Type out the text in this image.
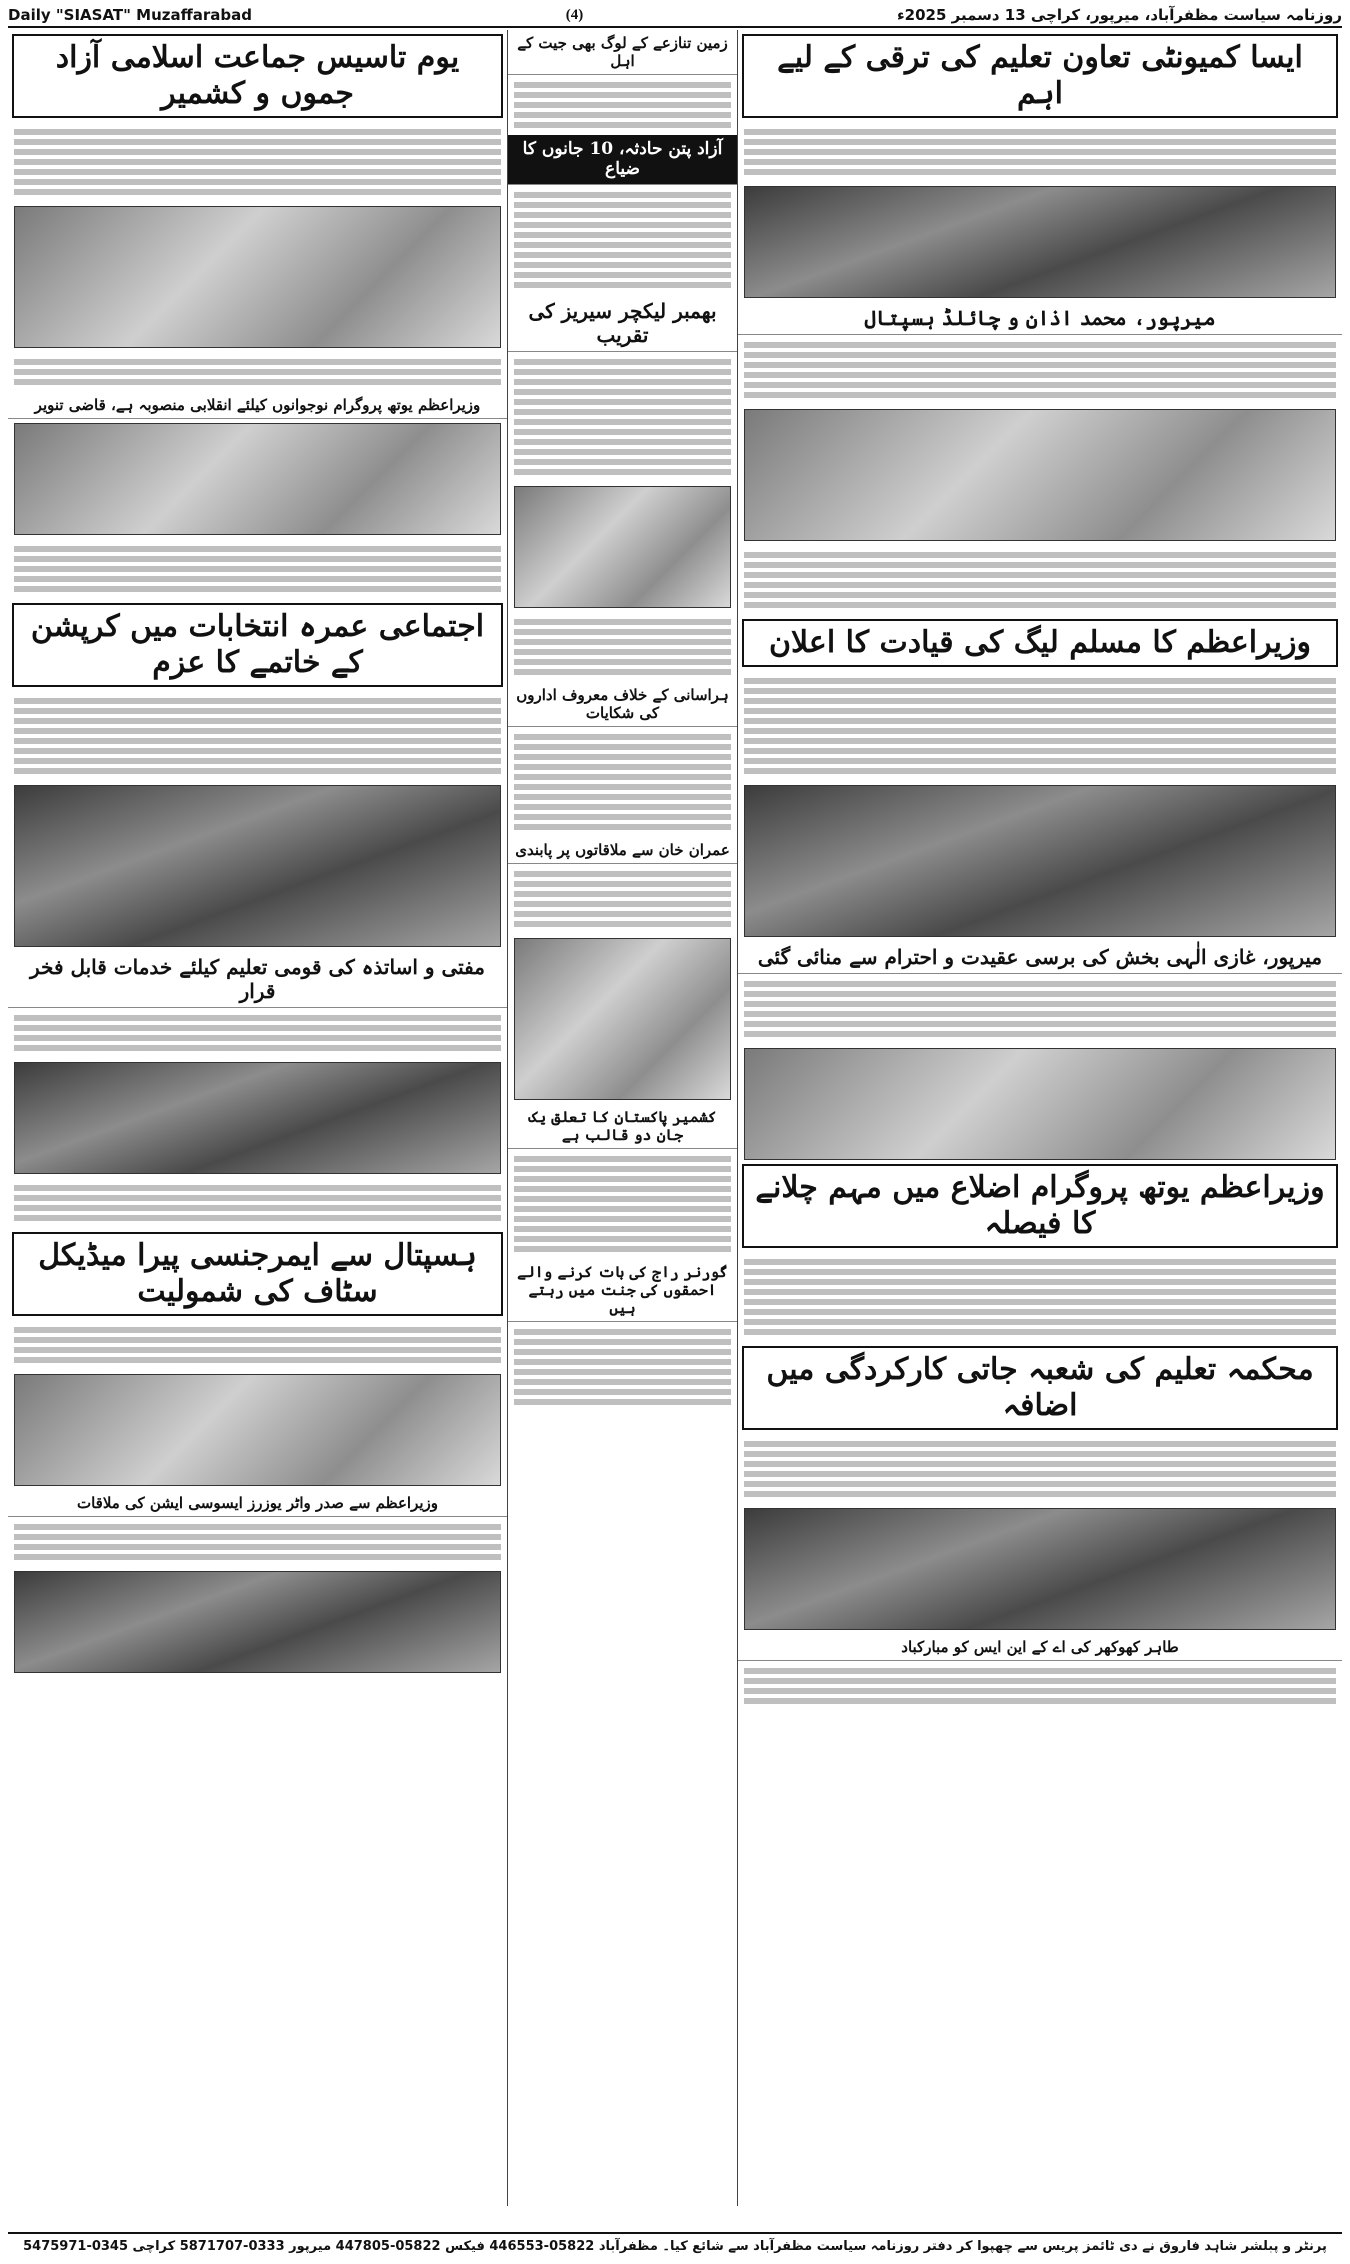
Daily "SIASAT" Muzaffarabad	(4)	روزنامہ سیاست مظفرآباد، میرپور، کراچی 13 دسمبر 2025ء
یوم تاسیس جماعت اسلامی آزاد جموں و کشمیر
وزیراعظم یوتھ پروگرام نوجوانوں کیلئے انقلابی منصوبہ ہے، قاضی تنویر
اجتماعی عمرہ انتخابات میں کرپشن کے خاتمے کا عزم
مفتی و اساتذہ کی قومی تعلیم کیلئے خدمات قابل فخر قرار
ہسپتال سے ایمرجنسی پیرا میڈیکل سٹاف کی شمولیت
وزیراعظم سے صدر واٹر یوزرز ایسوسی ایشن کی ملاقات
زمین تنازعے کے لوگ بھی جیت کے اہل
آزاد پتن حادثہ، 10 جانوں کا ضیاع
بھمبر لیکچر سیریز کی تقریب
ہراسانی کے خلاف معروف اداروں کی شکایات
عمران خان سے ملاقاتوں پر پابندی
کشمیر پاکستان کا تعلق یک جان دو قالب ہے
گورنر راج کی بات کرنے والے احمقوں کی جنت میں رہتے ہیں
ایسا کمیونٹی تعاون تعلیم کی ترقی کے لیے اہم
میرپور، محمد اذان و چائلڈ ہسپتال
وزیراعظم کا مسلم لیگ کی قیادت کا اعلان
میرپور، غازی الٰہی بخش کی برسی عقیدت و احترام سے منائی گئی
وزیراعظم یوتھ پروگرام اضلاع میں مہم چلانے کا فیصلہ
محکمہ تعلیم کی شعبہ جاتی کارکردگی میں اضافہ
طاہر کھوکھر کی اے کے این ایس کو مبارکباد
پرنٹر و پبلشر شاہد فاروق نے دی ٹائمز پریس سے چھپوا کر دفتر روزنامہ سیاست مظفرآباد سے شائع کیا۔ مظفرآباد 05822-446553 فیکس 05822-447805 میرپور 0333-5871707 کراچی 0345-5475971
